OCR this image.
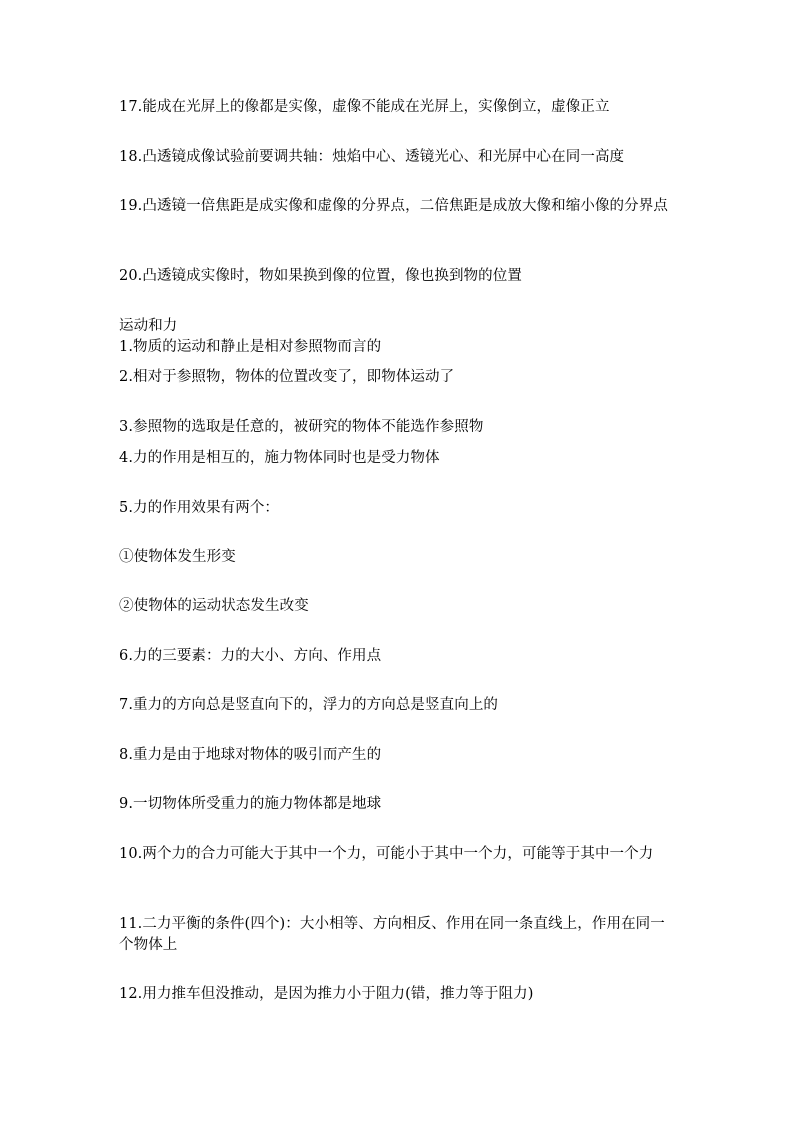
17.能成在光屏上的像都是实像，虚像不能成在光屏上，实像倒立，虚像正立
18.凸透镜成像试验前要调共轴：烛焰中心、透镜光心、和光屏中心在同一高度
19.凸透镜一倍焦距是成实像和虚像的分界点，二倍焦距是成放大像和缩小像的分界点
20.凸透镜成实像时，物如果换到像的位置，像也换到物的位置
运动和力
1.物质的运动和静止是相对参照物而言的
2.相对于参照物，物体的位置改变了，即物体运动了
3.参照物的选取是任意的，被研究的物体不能选作参照物
4.力的作用是相互的，施力物体同时也是受力物体
5.力的作用效果有两个：
①使物体发生形变
②使物体的运动状态发生改变
6.力的三要素：力的大小、方向、作用点
7.重力的方向总是竖直向下的，浮力的方向总是竖直向上的
8.重力是由于地球对物体的吸引而产生的
9.一切物体所受重力的施力物体都是地球
10.两个力的合力可能大于其中一个力，可能小于其中一个力，可能等于其中一个力
11.二力平衡的条件(四个)：大小相等、方向相反、作用在同一条直线上，作用在同一个物体上
12.用力推车但没推动，是因为推力小于阻力(错，推力等于阻力)
